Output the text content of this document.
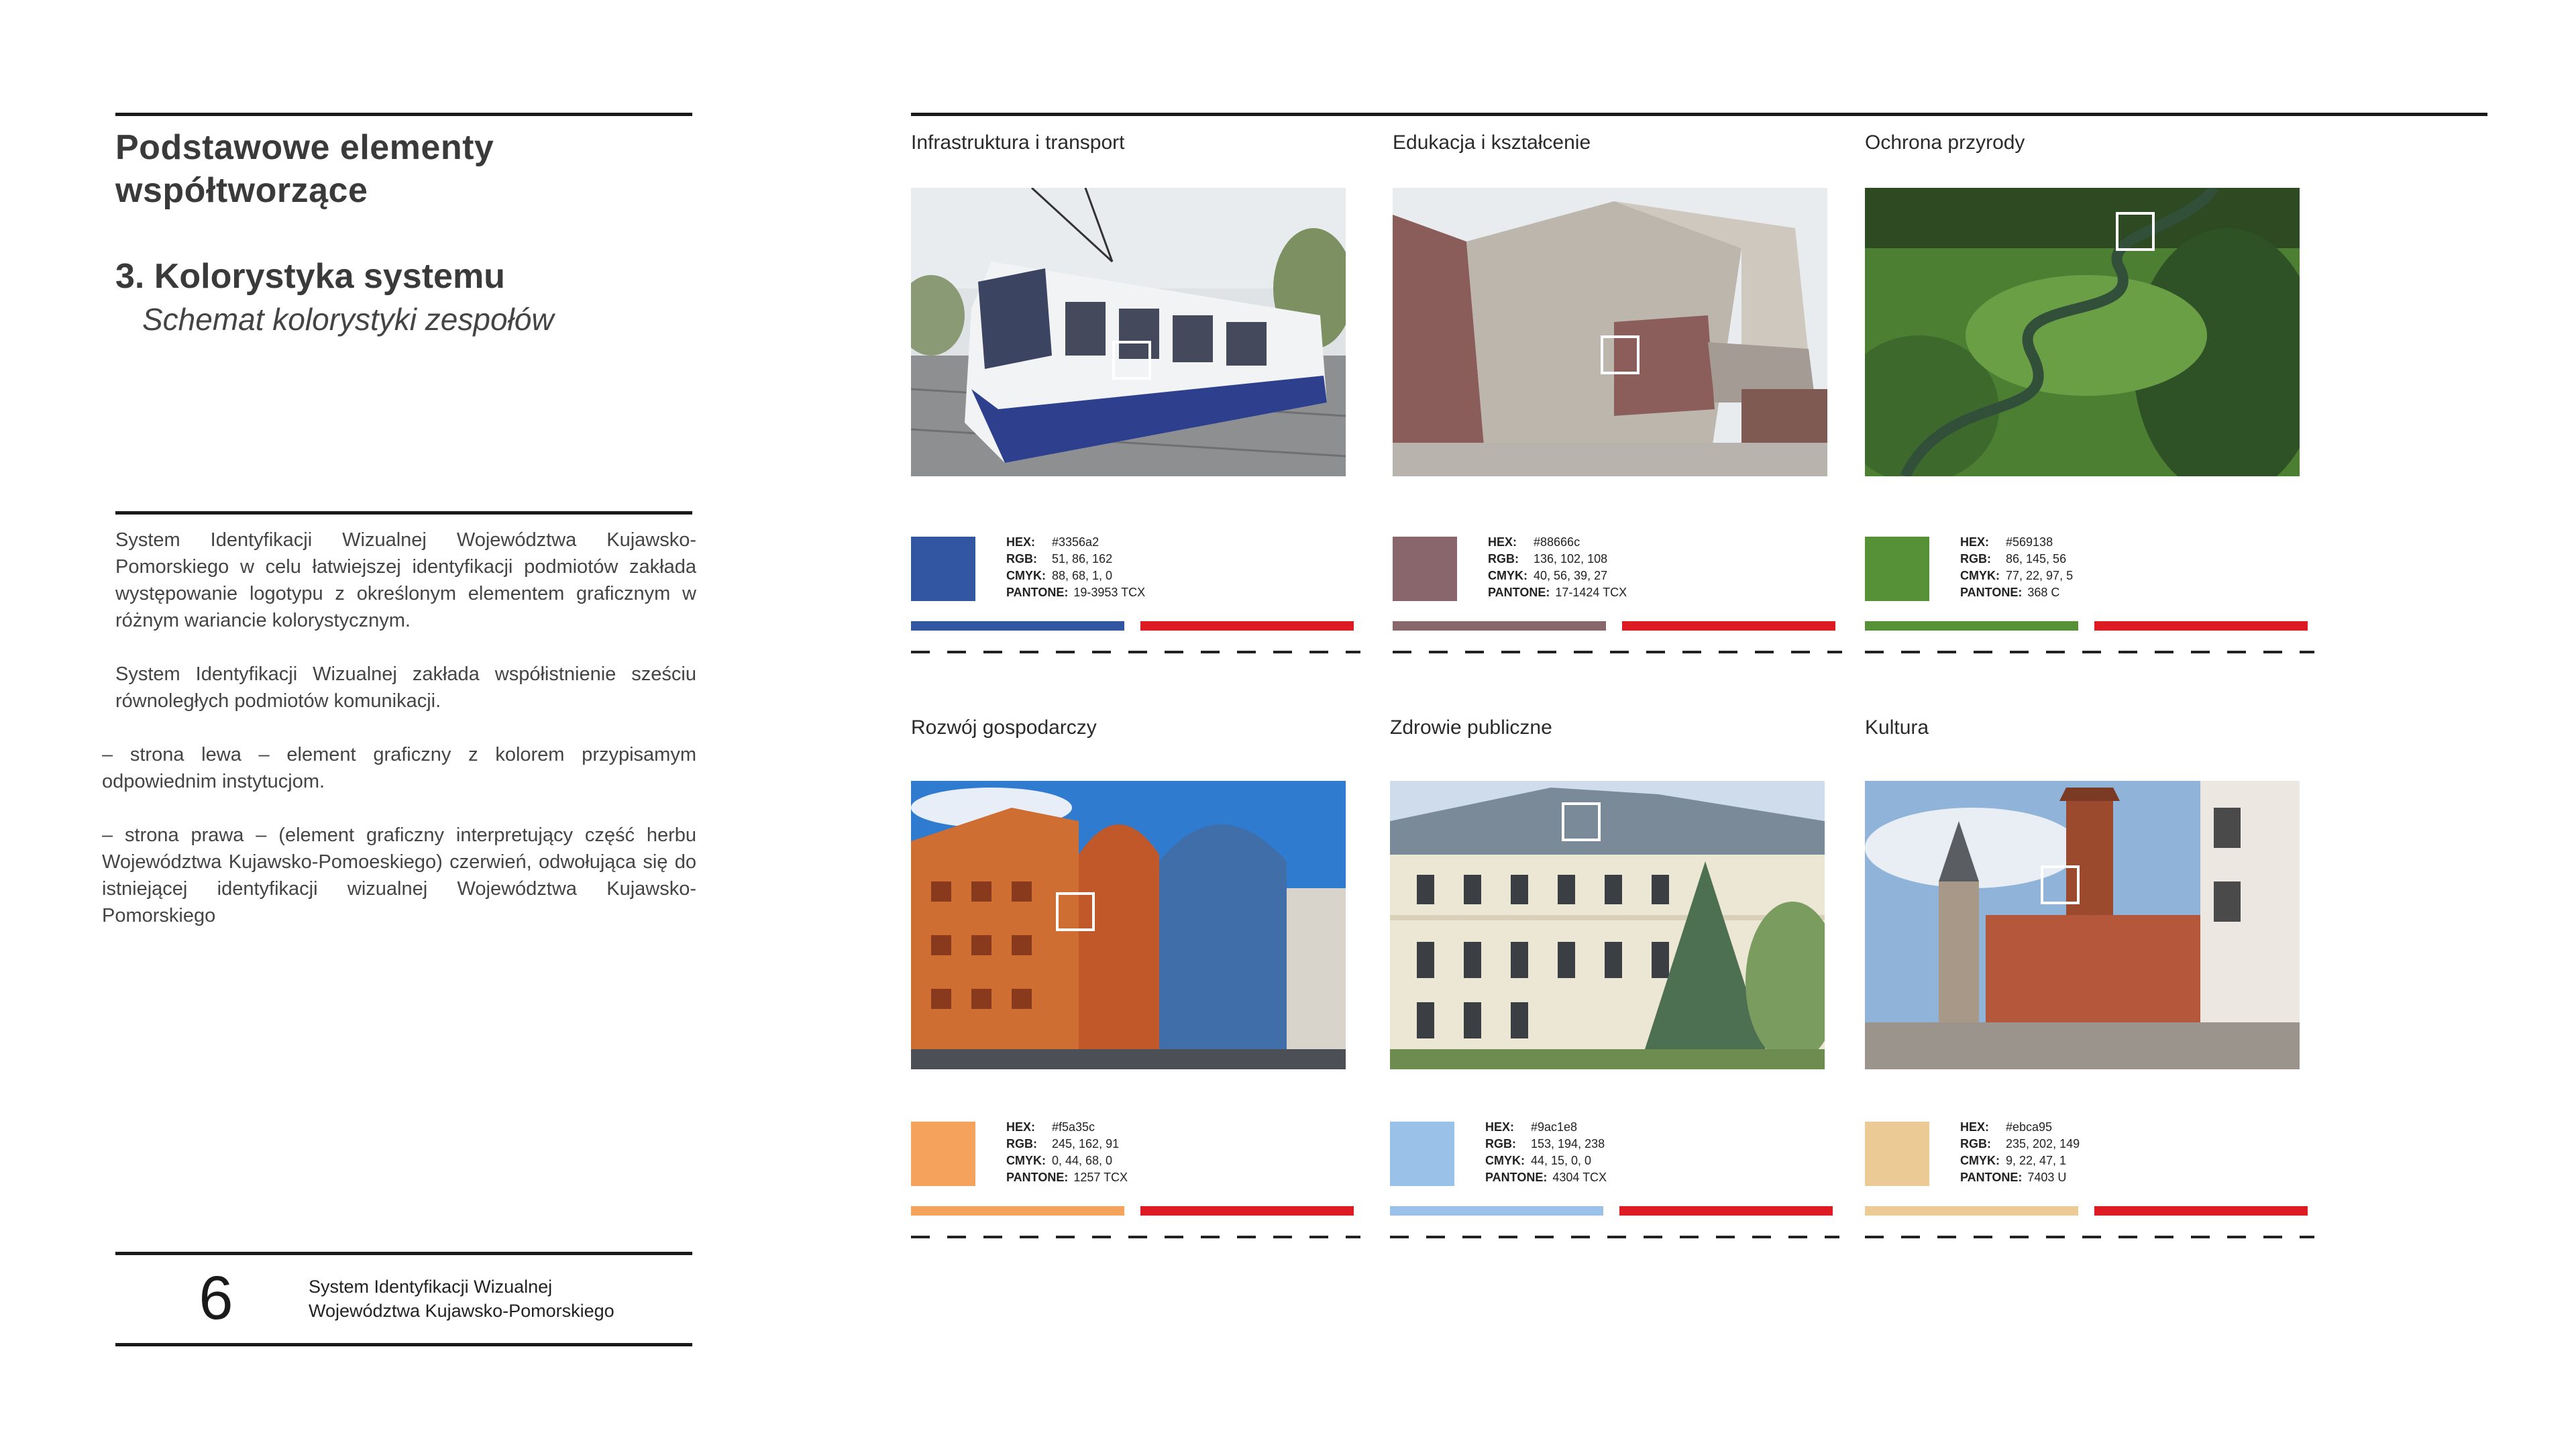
Podstawowe elementy
współtworzące
3. Kolorystyka systemu
Schemat kolorystyki zespołów

System Identyfikacji Wizualnej Województwa Kujawsko-Pomorskiego w celu łatwiejszej identyfikacji podmiotów zakłada występowanie logotypu z określonym elementem graficznym w różnym wariancie kolorystycznym.

System Identyfikacji Wizualnej zakłada współistnienie sześciu równoległych podmiotów komunikacji.

– strona lewa – element graficzny z kolorem przypisamym odpowiednim instytucjom.

– strona prawa – (element graficzny interpretujący część herbu Województwa Kujawsko-Pomoeskiego) czerwień, odwołująca się do istniejącej identyfikacji wizualnej Województwa Kujawsko-Pomorskiego

6	System Identyfikacji Wizualnej
Województwa Kujawsko-Pomorskiego
Infrastruktura i transport
HEX: #3356a2
RGB: 51, 86, 162
CMYK: 88, 68, 1, 0
PANTONE: 19-3953 TCX
Edukacja i kształcenie
HEX: #88666c
RGB: 136, 102, 108
CMYK: 40, 56, 39, 27
PANTONE: 17-1424 TCX
Ochrona przyrody
HEX: #569138
RGB: 86, 145, 56
CMYK: 77, 22, 97, 5
PANTONE: 368 C
Rozwój gospodarczy
HEX: #f5a35c
RGB: 245, 162, 91
CMYK: 0, 44, 68, 0
PANTONE: 1257 TCX
Zdrowie publiczne
HEX: #9ac1e8
RGB: 153, 194, 238
CMYK: 44, 15, 0, 0
PANTONE: 4304 TCX
Kultura
HEX: #ebca95
RGB: 235, 202, 149
CMYK: 9, 22, 47, 1
PANTONE: 7403 U
